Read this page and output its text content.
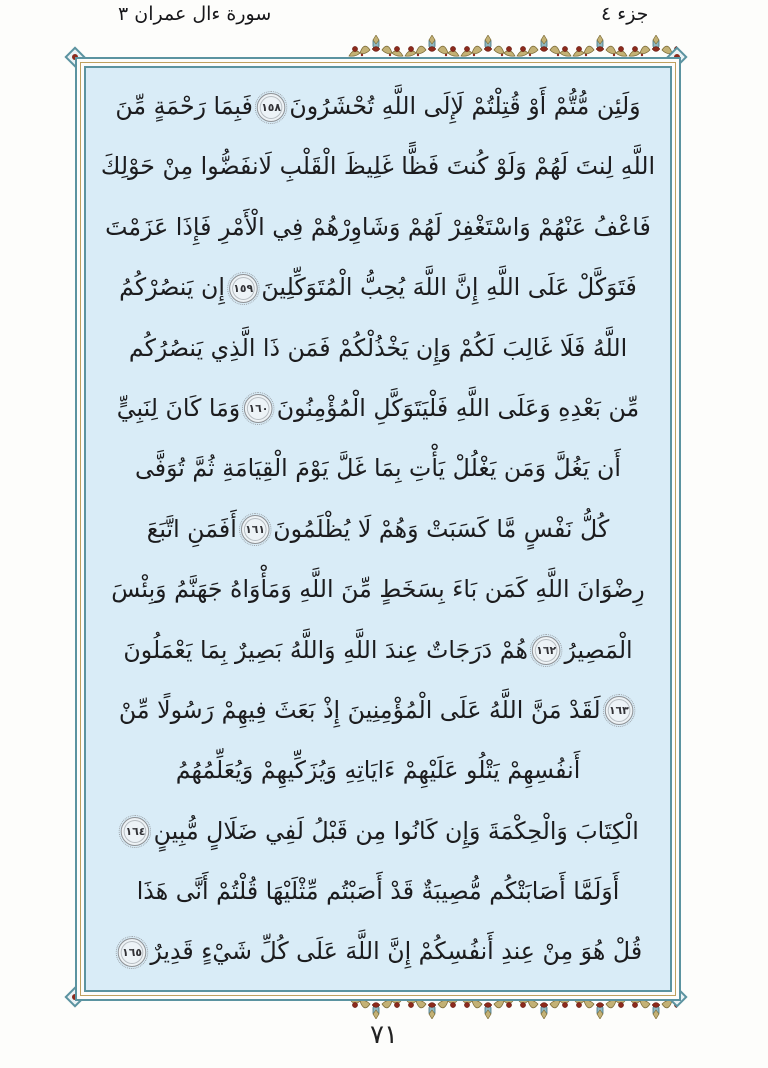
سورة ءال عمران ٣	جزء ٤
وَلَئِن مُّتُّمْ أَوْ قُتِلْتُمْ لَإِلَى اللَّهِ تُحْشَرُونَ١٥٨فَبِمَا رَحْمَةٍ مِّنَ
اللَّهِ لِنتَ لَهُمْ وَلَوْ كُنتَ فَظًّا غَلِيظَ الْقَلْبِ لَانفَضُّوا مِنْ حَوْلِكَ
فَاعْفُ عَنْهُمْ وَاسْتَغْفِرْ لَهُمْ وَشَاوِرْهُمْ فِي الْأَمْرِ فَإِذَا عَزَمْتَ
فَتَوَكَّلْ عَلَى اللَّهِ إِنَّ اللَّهَ يُحِبُّ الْمُتَوَكِّلِينَ١٥٩إِن يَنصُرْكُمُ
اللَّهُ فَلَا غَالِبَ لَكُمْ وَإِن يَخْذُلْكُمْ فَمَن ذَا الَّذِي يَنصُرُكُم
مِّن بَعْدِهِ وَعَلَى اللَّهِ فَلْيَتَوَكَّلِ الْمُؤْمِنُونَ١٦٠وَمَا كَانَ لِنَبِيٍّ
أَن يَغُلَّ وَمَن يَغْلُلْ يَأْتِ بِمَا غَلَّ يَوْمَ الْقِيَامَةِ ثُمَّ تُوَفَّى
كُلُّ نَفْسٍ مَّا كَسَبَتْ وَهُمْ لَا يُظْلَمُونَ١٦١أَفَمَنِ اتَّبَعَ
رِضْوَانَ اللَّهِ كَمَن بَاءَ بِسَخَطٍ مِّنَ اللَّهِ وَمَأْوَاهُ جَهَنَّمُ وَبِئْسَ
الْمَصِيرُ١٦٢هُمْ دَرَجَاتٌ عِندَ اللَّهِ وَاللَّهُ بَصِيرٌ بِمَا يَعْمَلُونَ
١٦٣لَقَدْ مَنَّ اللَّهُ عَلَى الْمُؤْمِنِينَ إِذْ بَعَثَ فِيهِمْ رَسُولًا مِّنْ
أَنفُسِهِمْ يَتْلُو عَلَيْهِمْ ءَايَاتِهِ وَيُزَكِّيهِمْ وَيُعَلِّمُهُمُ
الْكِتَابَ وَالْحِكْمَةَ وَإِن كَانُوا مِن قَبْلُ لَفِي ضَلَالٍ مُّبِينٍ١٦٤
أَوَلَمَّا أَصَابَتْكُم مُّصِيبَةٌ قَدْ أَصَبْتُم مِّثْلَيْهَا قُلْتُمْ أَنَّى هَذَا
قُلْ هُوَ مِنْ عِندِ أَنفُسِكُمْ إِنَّ اللَّهَ عَلَى كُلِّ شَيْءٍ قَدِيرٌ١٦٥
٧١
